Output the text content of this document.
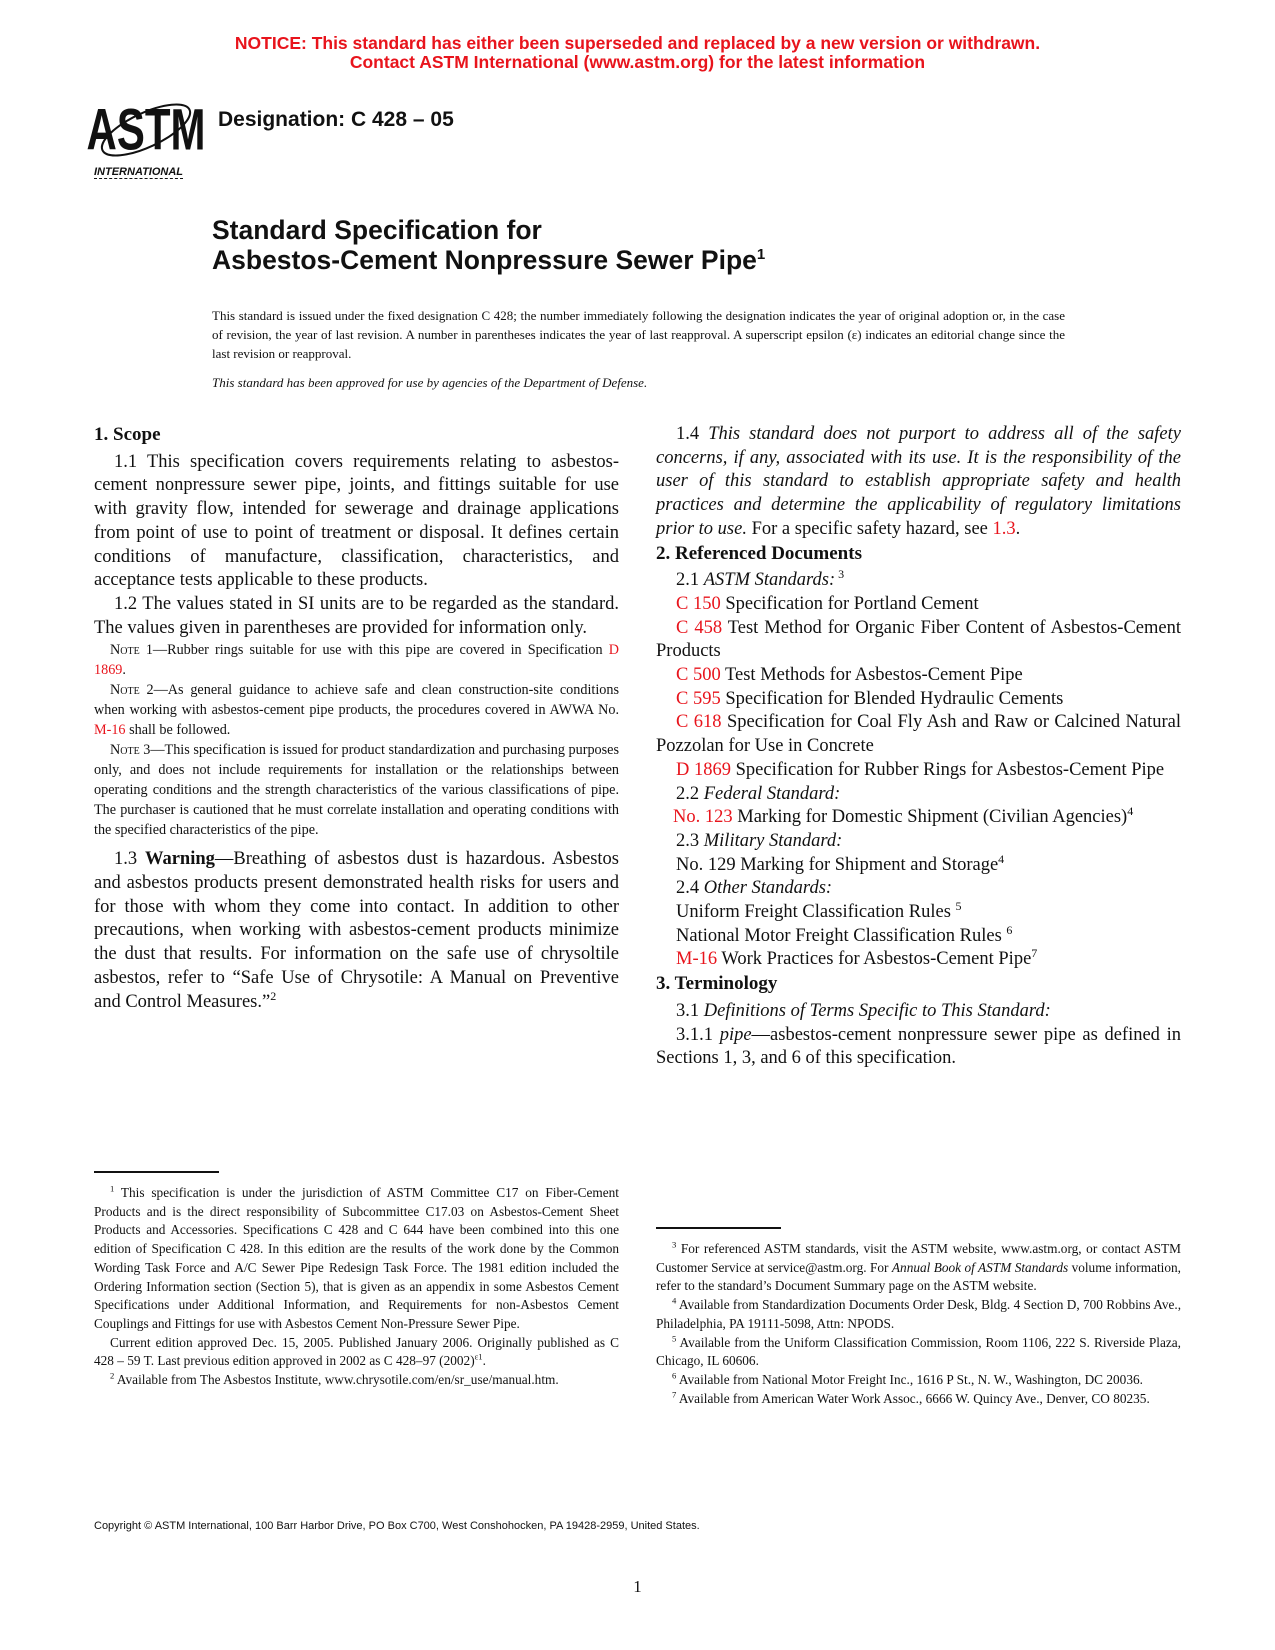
NOTICE: This standard has either been superseded and replaced by a new version or withdrawn.
Contact ASTM International (www.astm.org) for the latest information
ASTM
INTERNATIONAL
Designation: C 428 – 05
Standard Specification for
Asbestos-Cement Nonpressure Sewer Pipe$^1$
This standard is issued under the fixed designation C 428; the number immediately following the designation indicates the year of original adoption or, in the case of revision, the year of last revision. A number in parentheses indicates the year of last reapproval. A superscript epsilon (ε) indicates an editorial change since the last revision or reapproval.
This standard has been approved for use by agencies of the Department of Defense.

1. Scope

1.1 This specification covers requirements relating to asbestos-cement nonpressure sewer pipe, joints, and fittings suitable for use with gravity flow, intended for sewerage and drainage applications from point of use to point of treatment or disposal. It defines certain conditions of manufacture, classification, characteristics, and acceptance tests applicable to these products.

1.2 The values stated in SI units are to be regarded as the standard. The values given in parentheses are provided for information only.

Note 1—Rubber rings suitable for use with this pipe are covered in Specification D 1869.

Note 2—As general guidance to achieve safe and clean construction-site conditions when working with asbestos-cement pipe products, the procedures covered in AWWA No. M-16 shall be followed.

Note 3—This specification is issued for product standardization and purchasing purposes only, and does not include requirements for installation or the relationships between operating conditions and the strength characteristics of the various classifications of pipe. The purchaser is cautioned that he must correlate installation and operating conditions with the specified characteristics of the pipe.

1.3 Warning—Breathing of asbestos dust is hazardous. Asbestos and asbestos products present demonstrated health risks for users and for those with whom they come into contact. In addition to other precautions, when working with asbestos-cement products minimize the dust that results. For information on the safe use of chrysoltile asbestos, refer to “Safe Use of Chrysotile: A Manual on Preventive and Control Measures.”$^2$

1.4 This standard does not purport to address all of the safety concerns, if any, associated with its use. It is the responsibility of the user of this standard to establish appropriate safety and health practices and determine the applicability of regulatory limitations prior to use. For a specific safety hazard, see 1.3.

2. Referenced Documents

2.1 ASTM Standards: $^3$

C 150 Specification for Portland Cement

C 458 Test Method for Organic Fiber Content of Asbestos-Cement Products

C 500 Test Methods for Asbestos-Cement Pipe

C 595 Specification for Blended Hydraulic Cements

C 618 Specification for Coal Fly Ash and Raw or Calcined Natural Pozzolan for Use in Concrete

D 1869 Specification for Rubber Rings for Asbestos-Cement Pipe

2.2 Federal Standard:

No. 123 Marking for Domestic Shipment (Civilian Agencies)$^4$

2.3 Military Standard:

No. 129 Marking for Shipment and Storage$^4$

2.4 Other Standards:

Uniform Freight Classification Rules $^5$

National Motor Freight Classification Rules $^6$

M-16 Work Practices for Asbestos-Cement Pipe$^7$

3. Terminology

3.1 Definitions of Terms Specific to This Standard:

3.1.1 pipe—asbestos-cement nonpressure sewer pipe as defined in Sections 1, 3, and 6 of this specification.

$^1$ This specification is under the jurisdiction of ASTM Committee C17 on Fiber-Cement Products and is the direct responsibility of Subcommittee C17.03 on Asbestos-Cement Sheet Products and Accessories. Specifications C 428 and C 644 have been combined into this one edition of Specification C 428. In this edition are the results of the work done by the Common Wording Task Force and A/C Sewer Pipe Redesign Task Force. The 1981 edition included the Ordering Information section (Section 5), that is given as an appendix in some Asbestos Cement Specifications under Additional Information, and Requirements for non-Asbestos Cement Couplings and Fittings for use with Asbestos Cement Non-Pressure Sewer Pipe.

Current edition approved Dec. 15, 2005. Published January 2006. Originally published as C 428 – 59 T. Last previous edition approved in 2002 as C 428–97 $(2002)^{\varepsilon 1}$.

$^2$ Available from The Asbestos Institute, www.chrysotile.com/en/sr_use/manual.htm.

$^3$ For referenced ASTM standards, visit the ASTM website, www.astm.org, or contact ASTM Customer Service at service@astm.org. For Annual Book of ASTM Standards volume information, refer to the standard’s Document Summary page on the ASTM website.

$^4$ Available from Standardization Documents Order Desk, Bldg. 4 Section D, 700 Robbins Ave., Philadelphia, PA 19111-5098, Attn: NPODS.

$^5$ Available from the Uniform Classification Commission, Room 1106, 222 S. Riverside Plaza, Chicago, IL 60606.

$^6$ Available from National Motor Freight Inc., 1616 P St., N. W., Washington, DC 20036.

$^7$ Available from American Water Work Assoc., 6666 W. Quincy Ave., Denver, CO 80235.

Copyright © ASTM International, 100 Barr Harbor Drive, PO Box C700, West Conshohocken, PA 19428-2959, United States.
1
